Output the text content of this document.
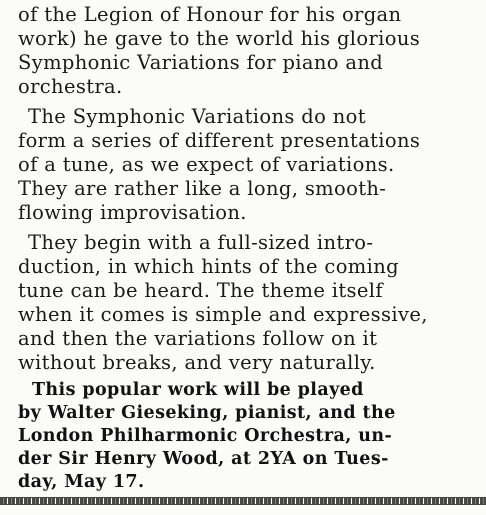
of the Legion of Honour for his organ
work) he gave to the world his glorious
Symphonic Variations for piano and
orchestra.
The Symphonic Variations do not
form a series of different presentations
of a tune, as we expect of variations.
They are rather like a long, smooth-
flowing improvisation.
They begin with a full-sized intro-
duction, in which hints of the coming
tune can be heard. The theme itself
when it comes is simple and expressive,
and then the variations follow on it
without breaks, and very naturally.
This popular work will be played
by Walter Gieseking, pianist, and the
London Philharmonic Orchestra, un-
der Sir Henry Wood, at 2YA on Tues-
day, May 17.
